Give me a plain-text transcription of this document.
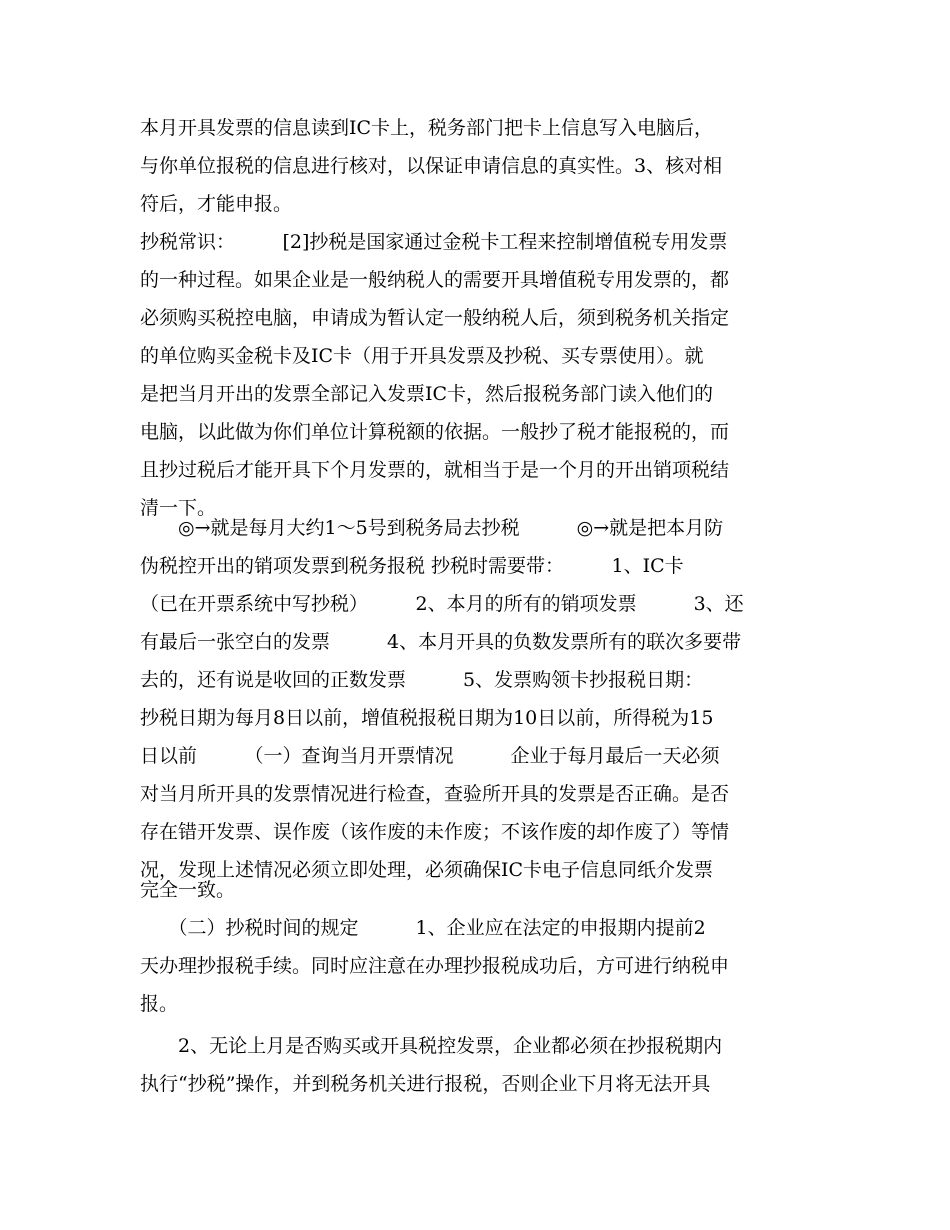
本月开具发票的信息读到IC卡上，税务部门把卡上信息写入电脑后，
与你单位报税的信息进行核对，以保证申请信息的真实性。3、核对相
符后，才能申报。
抄税常识：　　　[2]抄税是国家通过金税卡工程来控制增值税专用发票
的一种过程。如果企业是一般纳税人的需要开具增值税专用发票的，都
必须购买税控电脑，申请成为暂认定一般纳税人后，须到税务机关指定
的单位购买金税卡及IC卡（用于开具发票及抄税、买专票使用）。就
是把当月开出的发票全部记入发票IC卡，然后报税务部门读入他们的
电脑，以此做为你们单位计算税额的依据。一般抄了税才能报税的，而
且抄过税后才能开具下个月发票的，就相当于是一个月的开出销项税结
清一下。
　　◎→就是每月大约1～5号到税务局去抄税　　　◎→就是把本月防
伪税控开出的销项发票到税务报税 抄税时需要带：　　　1、IC卡
（已在开票系统中写抄税）　　　2、本月的所有的销项发票　　　3、还
有最后一张空白的发票　　　4、本月开具的负数发票所有的联次多要带
去的，还有说是收回的正数发票　　　5、发票购领卡抄报税日期：
抄税日期为每月8日以前，增值税报税日期为10日以前，所得税为15
日以前　　　（一）查询当月开票情况　　　企业于每月最后一天必须
对当月所开具的发票情况进行检查，查验所开具的发票是否正确。是否
存在错开发票、误作废（该作废的未作废；不该作废的却作废了）等情
况，发现上述情况必须立即处理，必须确保IC卡电子信息同纸介发票
完全一致。
　　（二）抄税时间的规定　　　1、企业应在法定的申报期内提前2
天办理抄报税手续。同时应注意在办理抄报税成功后，方可进行纳税申
报。
　　2、无论上月是否购买或开具税控发票，企业都必须在抄报税期内
执行“抄税”操作，并到税务机关进行报税，否则企业下月将无法开具
